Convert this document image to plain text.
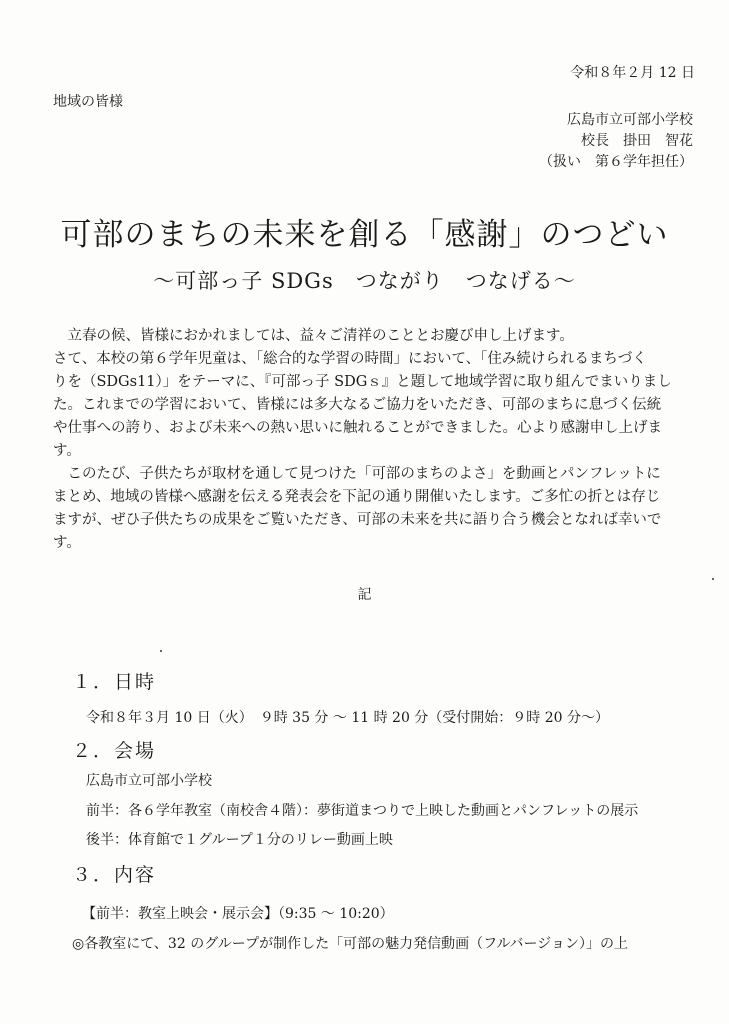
令和８年２月 12 日
地域の皆様
広島市立可部小学校
校長　掛田　智花
（扱い　第６学年担任）
可部のまちの未来を創る「感謝」のつどい
～可部っ子 SDGs　つながり　つなげる～

立春の候、皆様におかれましては、益々ご清祥のこととお慶び申し上げます。

さて、本校の第６学年児童は、「総合的な学習の時間」において、「住み続けられるまちづく

りを（SDGs11）」をテーマに、『可部っ子 SDGｓ』と題して地域学習に取り組んでまいりまし

た。これまでの学習において、皆様には多大なるご協力をいただき、可部のまちに息づく伝統

や仕事への誇り、および未来への熱い思いに触れることができました。心より感謝申し上げま

す。

このたび、子供たちが取材を通して見つけた「可部のまちのよさ」を動画とパンフレットに

まとめ、地域の皆様へ感謝を伝える発表会を下記の通り開催いたします。ご多忙の折とは存じ

ますが、ぜひ子供たちの成果をご覧いただき、可部の未来を共に語り合う機会となれば幸いで

す。

記
１．日時
令和８年３月 10 日（火）　９時 35 分 ～ 11 時 20 分（受付開始：９時 20 分～）
２．会場
広島市立可部小学校
前半：各６学年教室（南校舎４階）：夢街道まつりで上映した動画とパンフレットの展示
後半：体育館で１グループ１分のリレー動画上映
３．内容
【前半：教室上映会・展示会】（9:35 ～ 10:20）
◎各教室にて、32 のグループが制作した「可部の魅力発信動画（フルバージョン）」の上
